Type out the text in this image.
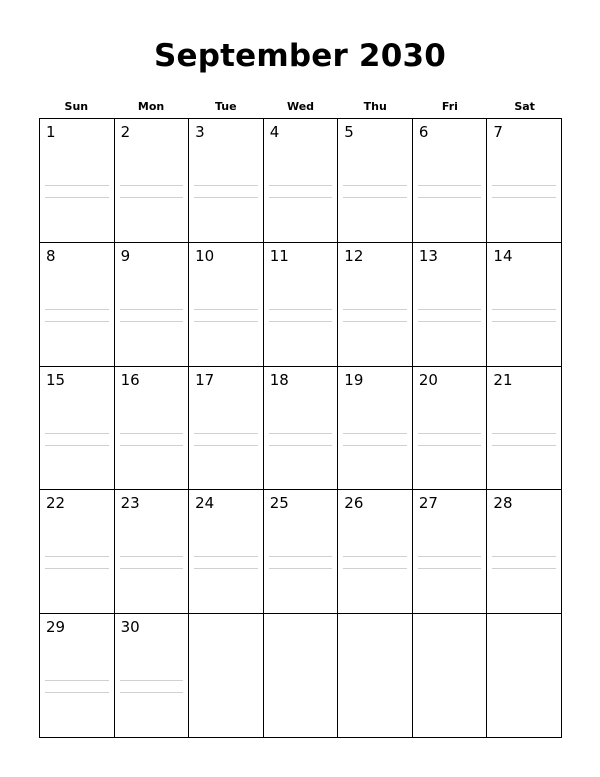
September 2030
Sun	Mon	Tue	Wed	Thu	Fri	Sat
1	2	3	4	5	6	7
8	9	10	11	12	13	14
15	16	17	18	19	20	21
22	23	24	25	26	27	28
29	30
